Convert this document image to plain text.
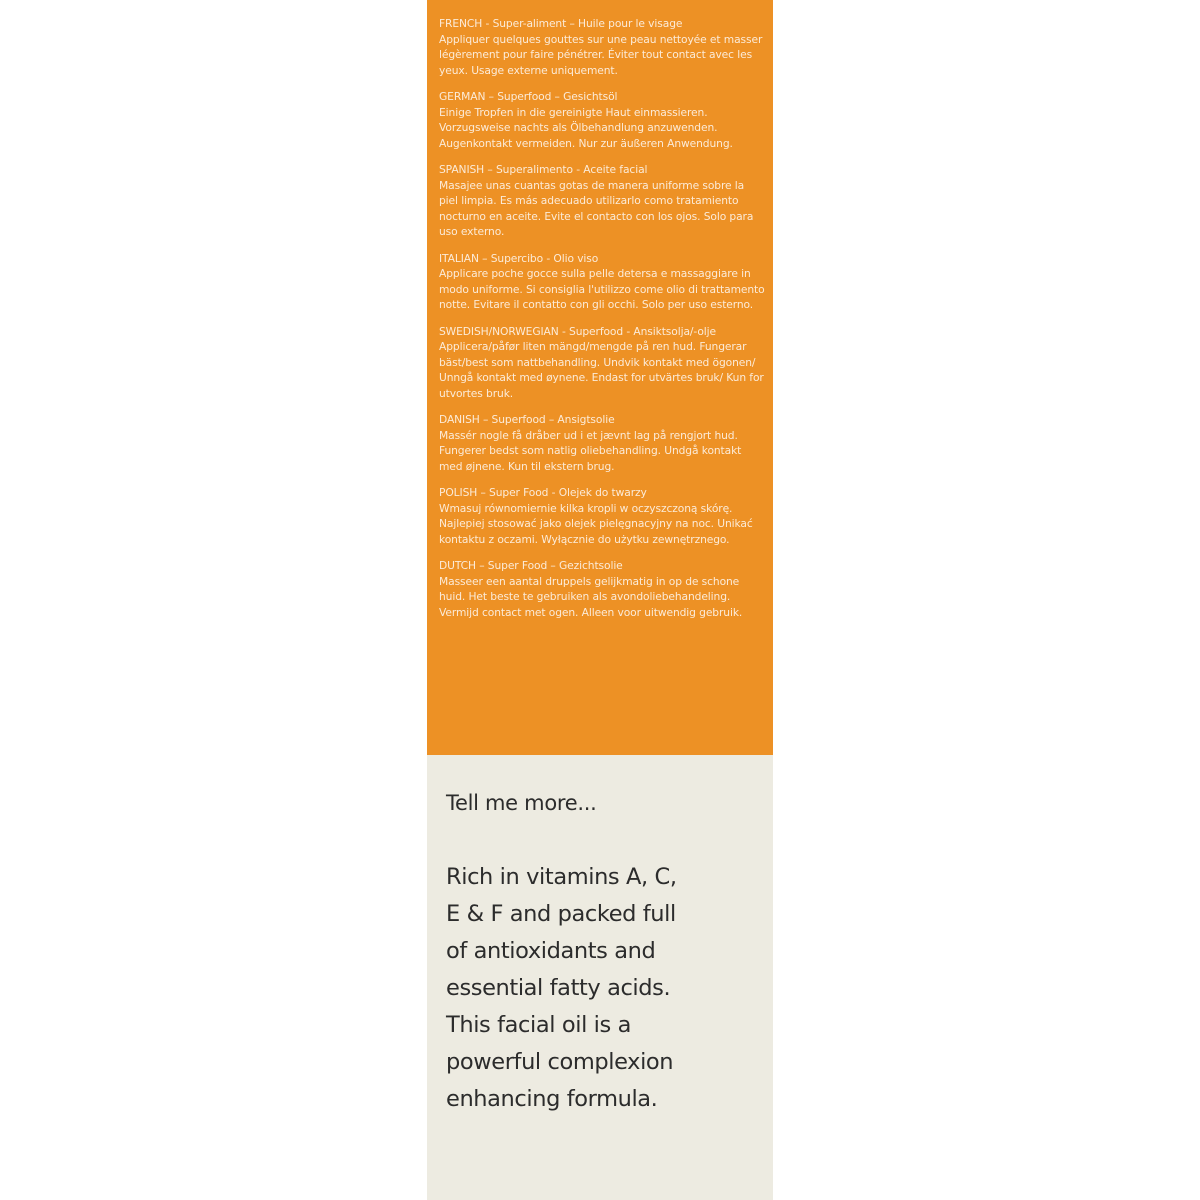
FRENCH - Super-aliment – Huile pour le visage
Appliquer quelques gouttes sur une peau nettoyée et masser légèrement pour faire pénétrer. Éviter tout contact avec les yeux. Usage externe uniquement.
GERMAN – Superfood – Gesichtsöl
Einige Tropfen in die gereinigte Haut einmassieren. Vorzugsweise nachts als Ölbehandlung anzuwenden. Augenkontakt vermeiden. Nur zur äußeren Anwendung.
SPANISH – Superalimento - Aceite facial
Masajee unas cuantas gotas de manera uniforme sobre la piel limpia. Es más adecuado utilizarlo como tratamiento nocturno en aceite. Evite el contacto con los ojos. Solo para uso externo.
ITALIAN – Supercibo - Olio viso
Applicare poche gocce sulla pelle detersa e massaggiare in modo uniforme. Si consiglia l'utilizzo come olio di trattamento notte. Evitare il contatto con gli occhi. Solo per uso esterno.
SWEDISH/NORWEGIAN - Superfood - Ansiktsolja/-olje
Applicera/påfør liten mängd/mengde på ren hud. Fungerar bäst/best som nattbehandling. Undvik kontakt med ögonen/ Unngå kontakt med øynene. Endast for utvärtes bruk/ Kun for utvortes bruk.
DANISH – Superfood – Ansigtsolie
Massér nogle få dråber ud i et jævnt lag på rengjort hud. Fungerer bedst som natlig oliebehandling. Undgå kontakt med øjnene. Kun til ekstern brug.
POLISH – Super Food - Olejek do twarzy
Wmasuj równomiernie kilka kropli w oczyszczoną skórę. Najlepiej stosować jako olejek pielęgnacyjny na noc. Unikać kontaktu z oczami. Wyłącznie do użytku zewnętrznego.
DUTCH – Super Food – Gezichtsolie
Masseer een aantal druppels gelijkmatig in op de schone huid. Het beste te gebruiken als avondoliebehandeling. Vermijd contact met ogen. Alleen voor uitwendig gebruik.
Tell me more...
Rich in vitamins A, C,
E & F and packed full
of antioxidants and
essential fatty acids.
This facial oil is a
powerful complexion
enhancing formula.
